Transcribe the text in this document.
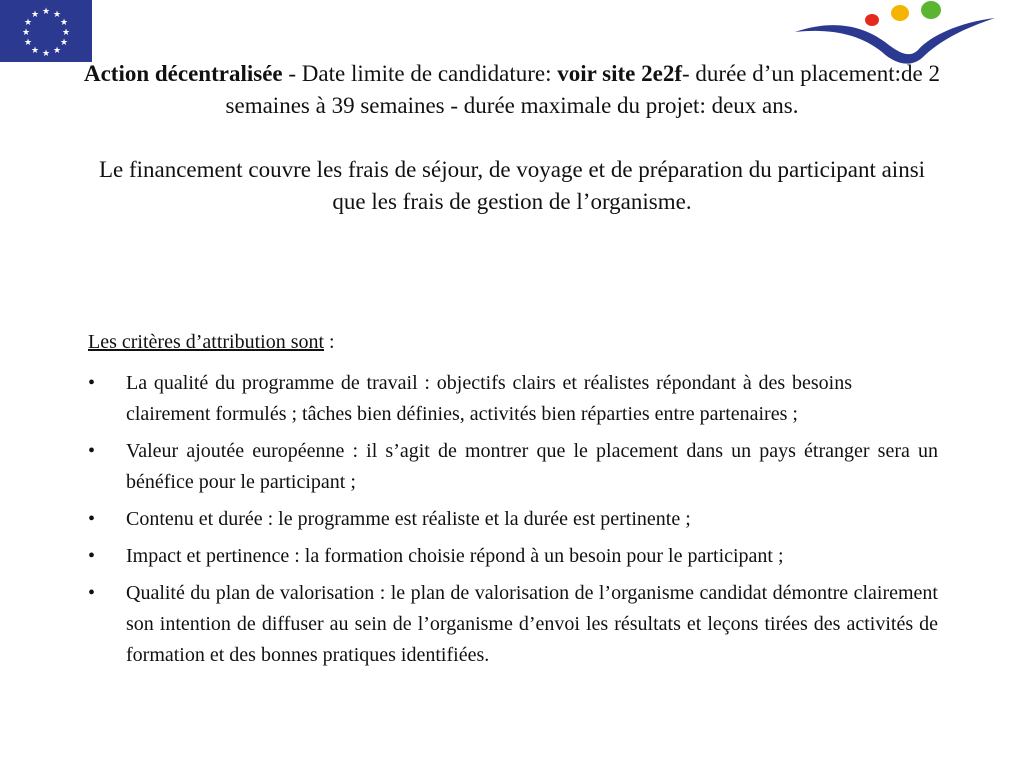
★ ★
★
★
★
★
★
★
★
★
★
★

Action décentralisée - Date limite de candidature: voir site 2e2f- durée d’un placement:de 2 semaines à 39 semaines - durée maximale du projet: deux ans.

Le financement couvre les frais de séjour, de voyage et de préparation du participant ainsi que les frais de gestion de l’organisme.

Les critères d’attribution sont :
• La qualité du programme de travail : objectifs clairs et réalistes répondant à des besoinsclairement formulés ; tâches bien définies, activités bien réparties entre partenaires ;
• Valeur ajoutée européenne : il s’agit de montrer que le placement dans un pays étranger sera un bénéfice pour le participant ;
• Contenu et durée : le programme est réaliste et la durée est pertinente ;
• Impact et pertinence : la formation choisie répond à un besoin pour le participant ;
• Qualité du plan de valorisation : le plan de valorisation de l’organisme candidat démontre clairement son intention de diffuser au sein de l’organisme d’envoi les résultats et leçons tirées des activités de formation et des bonnes pratiques identifiées.
